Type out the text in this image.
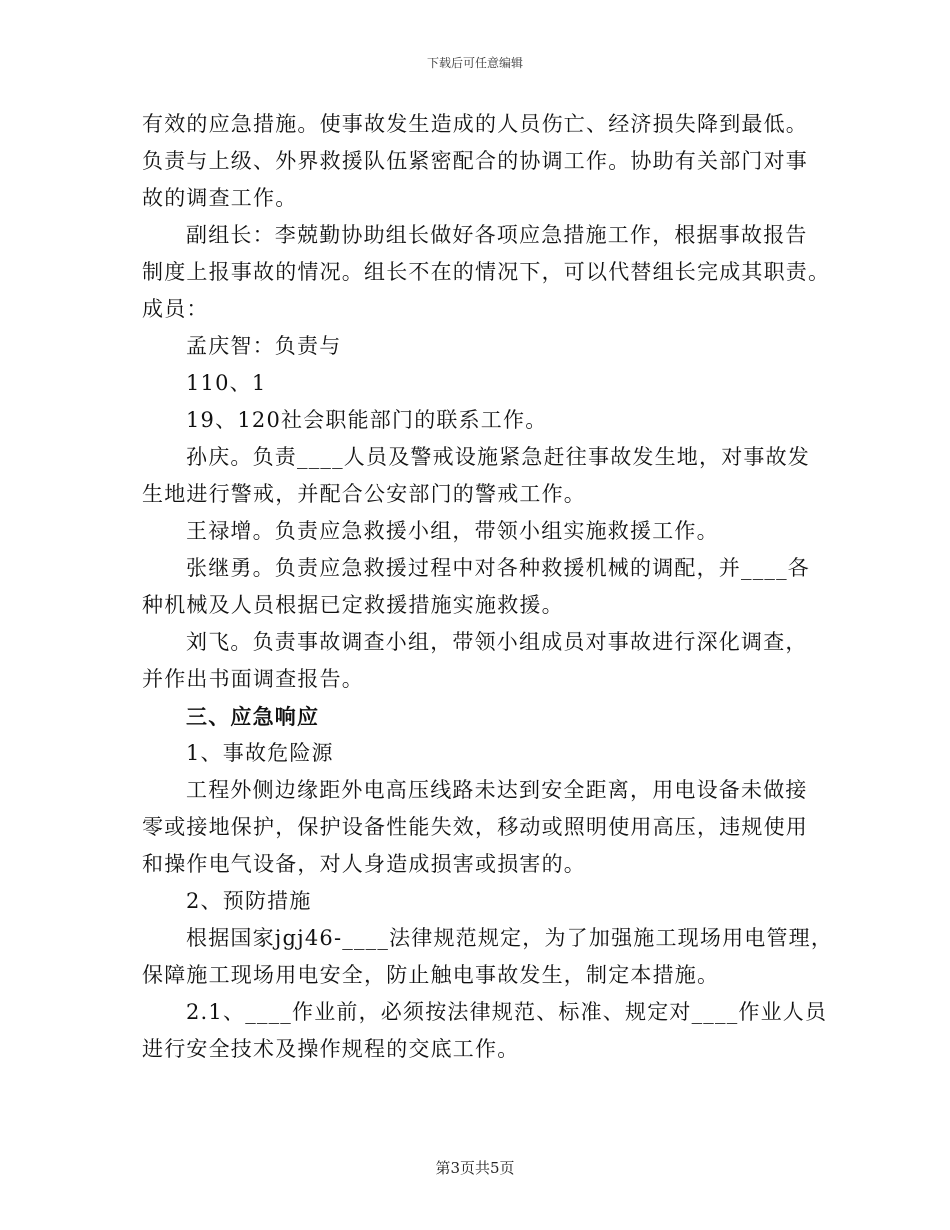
下载后可任意编辑
有效的应急措施。使事故发生造成的人员伤亡、经济损失降到最低。
负责与上级、外界救援队伍紧密配合的协调工作。协助有关部门对事
故的调查工作。
副组长：李兢勤协助组长做好各项应急措施工作，根据事故报告
制度上报事故的情况。组长不在的情况下，可以代替组长完成其职责。
成员：
孟庆智：负责与
110、1
19、120社会职能部门的联系工作。
孙庆。负责____人员及警戒设施紧急赶往事故发生地，对事故发
生地进行警戒，并配合公安部门的警戒工作。
王禄增。负责应急救援小组，带领小组实施救援工作。
张继勇。负责应急救援过程中对各种救援机械的调配，并____各
种机械及人员根据已定救援措施实施救援。
刘飞。负责事故调查小组，带领小组成员对事故进行深化调查，
并作出书面调查报告。
三、应急响应
1、事故危险源
工程外侧边缘距外电高压线路未达到安全距离，用电设备未做接
零或接地保护，保护设备性能失效，移动或照明使用高压，违规使用
和操作电气设备，对人身造成损害或损害的。
2、预防措施
根据国家jgj46-____法律规范规定，为了加强施工现场用电管理，
保障施工现场用电安全，防止触电事故发生，制定本措施。
2.1、____作业前，必须按法律规范、标准、规定对____作业人员
进行安全技术及操作规程的交底工作。
第3页共5页
